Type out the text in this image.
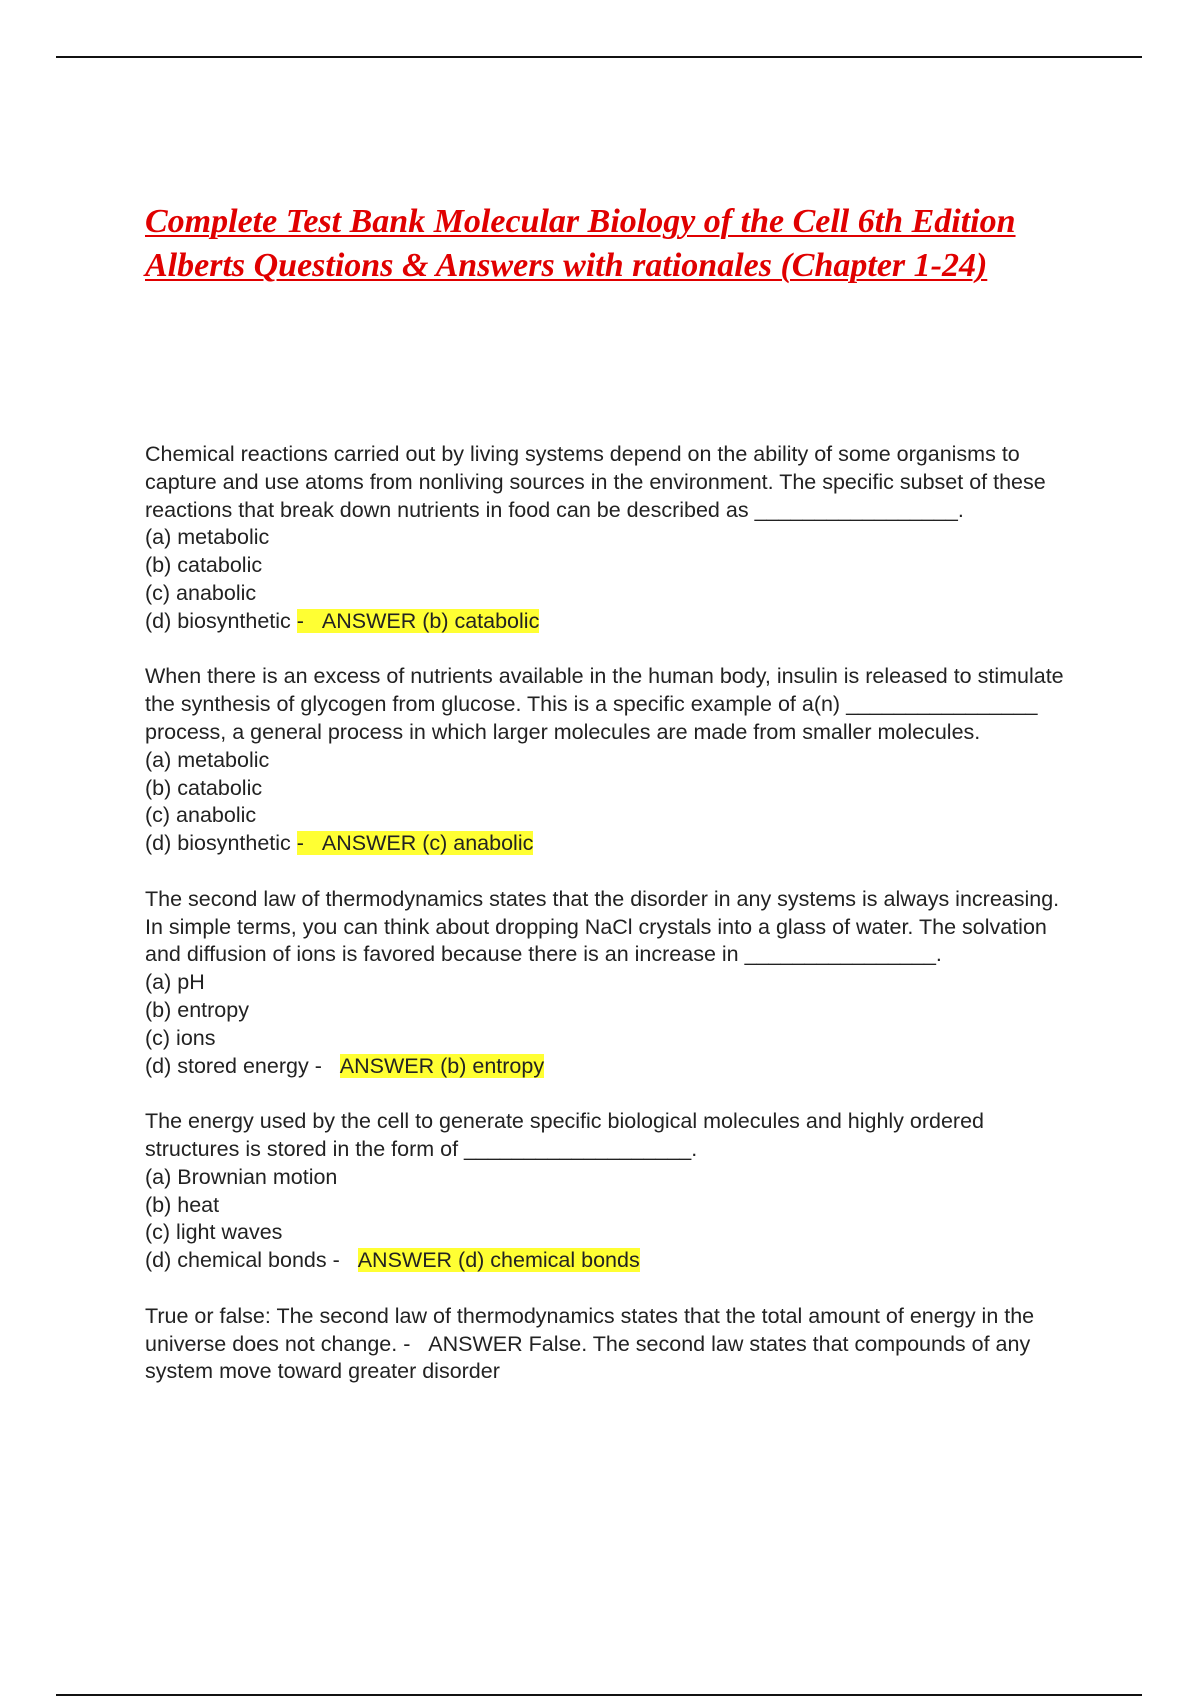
Complete Test Bank Molecular Biology of the Cell 6th Edition Alberts Questions & Answers with rationales (Chapter 1-24)
Chemical reactions carried out by living systems depend on the ability of some organisms to capture and use atoms from nonliving sources in the environment. The specific subset of these reactions that break down nutrients in food can be described as _________________.
(a) metabolic
(b) catabolic
(c) anabolic
(d) biosynthetic - ANSWER (b) catabolic
When there is an excess of nutrients available in the human body, insulin is released to stimulate the synthesis of glycogen from glucose. This is a specific example of a(n) ________________ process, a general process in which larger molecules are made from smaller molecules.
(a) metabolic
(b) catabolic
(c) anabolic
(d) biosynthetic - ANSWER (c) anabolic
The second law of thermodynamics states that the disorder in any systems is always increasing. In simple terms, you can think about dropping NaCl crystals into a glass of water. The solvation and diffusion of ions is favored because there is an increase in ________________.
(a) pH
(b) entropy
(c) ions
(d) stored energy - ANSWER (b) entropy
The energy used by the cell to generate specific biological molecules and highly ordered structures is stored in the form of ___________________.
(a) Brownian motion
(b) heat
(c) light waves
(d) chemical bonds - ANSWER (d) chemical bonds
True or false: The second law of thermodynamics states that the total amount of energy in the universe does not change. - ANSWER False. The second law states that compounds of any system move toward greater disorder
